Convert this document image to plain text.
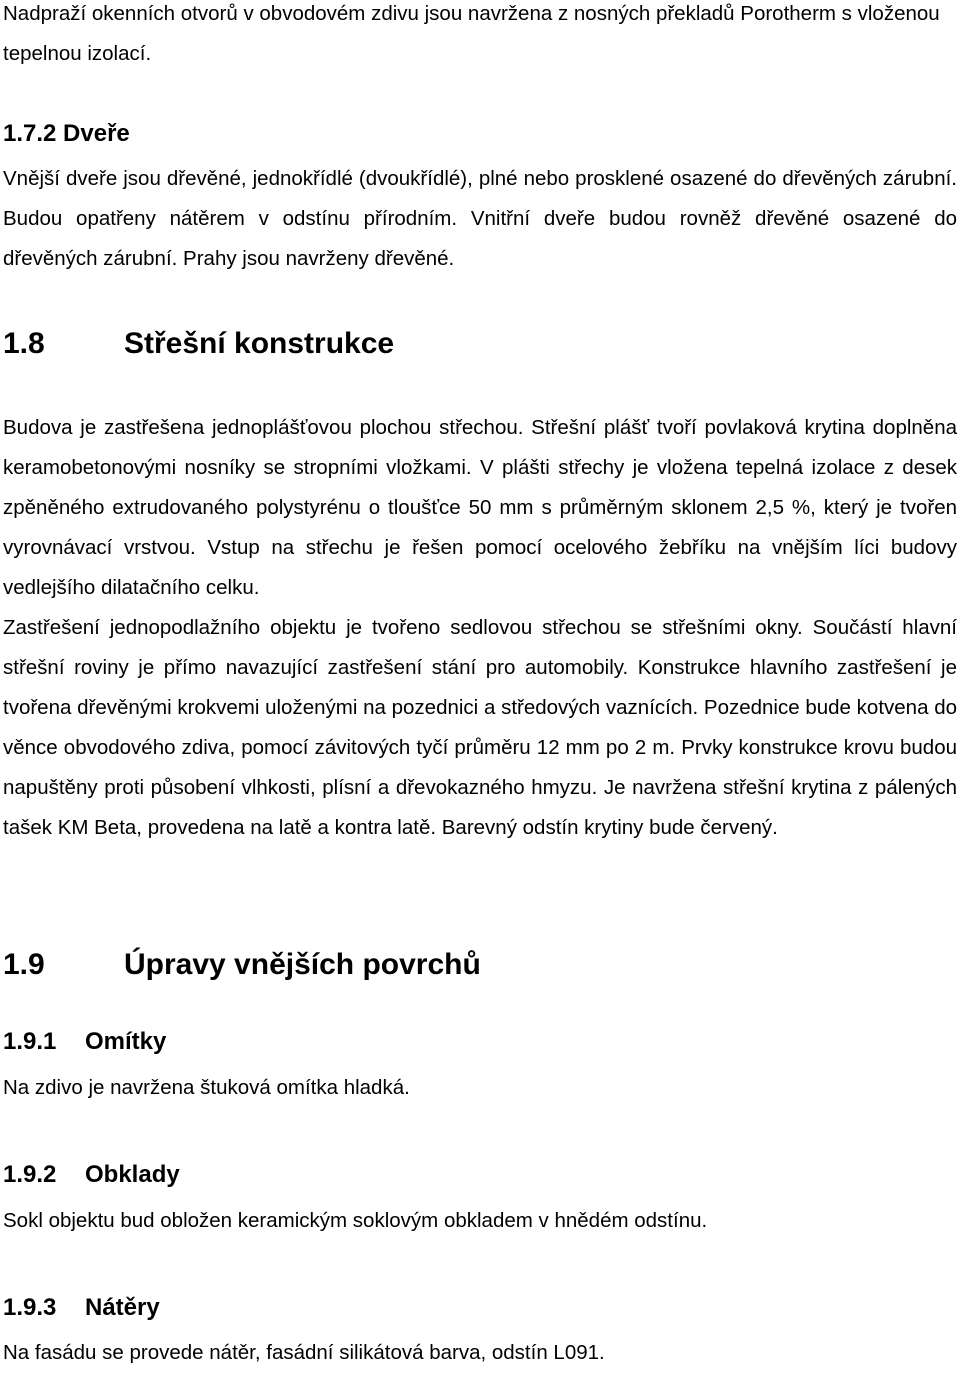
Nadpraží okenních otvorů v obvodovém zdivu jsou navržena z nosných překladů Porotherm s vloženou tepelnou izolací.

1.7.2 Dveře

Vnější dveře jsou dřevěné, jednokřídlé (dvoukřídlé), plné nebo prosklené osazené do dřevěných zárubní. Budou opatřeny nátěrem v odstínu přírodním. Vnitřní dveře budou rovněž dřevěné osazené do dřevěných zárubní. Prahy jsou navrženy dřevěné.

1.8	Střešní konstrukce

Budova je zastřešena jednoplášťovou plochou střechou. Střešní plášť tvoří povlaková krytina doplněna keramobetonovými nosníky se stropními vložkami. V plášti střechy je vložena tepelná izolace z desek zpěněného extrudovaného polystyrénu o tloušťce 50 mm s průměrným sklonem 2,5 %, který je tvořen vyrovnávací vrstvou. Vstup na střechu je řešen pomocí ocelového žebříku na vnějším líci budovy vedlejšího dilatačního celku.

Zastřešení jednopodlažního objektu je tvořeno sedlovou střechou se střešními okny. Součástí hlavní střešní roviny je přímo navazující zastřešení stání pro automobily. Konstrukce hlavního zastřešení je tvořena dřevěnými krokvemi uloženými na pozednici a středových vaznících. Pozednice bude kotvena do věnce obvodového zdiva, pomocí závitových tyčí průměru 12 mm po 2 m. Prvky konstrukce krovu budou napuštěny proti působení vlhkosti, plísní a dřevokazného hmyzu. Je navržena střešní krytina z pálených tašek KM Beta, provedena na latě a kontra latě. Barevný odstín krytiny bude červený.

1.9	Úpravy vnějších povrchů
1.9.1	Omítky

Na zdivo je navržena štuková omítka hladká.

1.9.2	Obklady

Sokl objektu bud obložen keramickým soklovým obkladem v hnědém odstínu.

1.9.3	Nátěry

Na fasádu se provede nátěr, fasádní silikátová barva, odstín L091.
